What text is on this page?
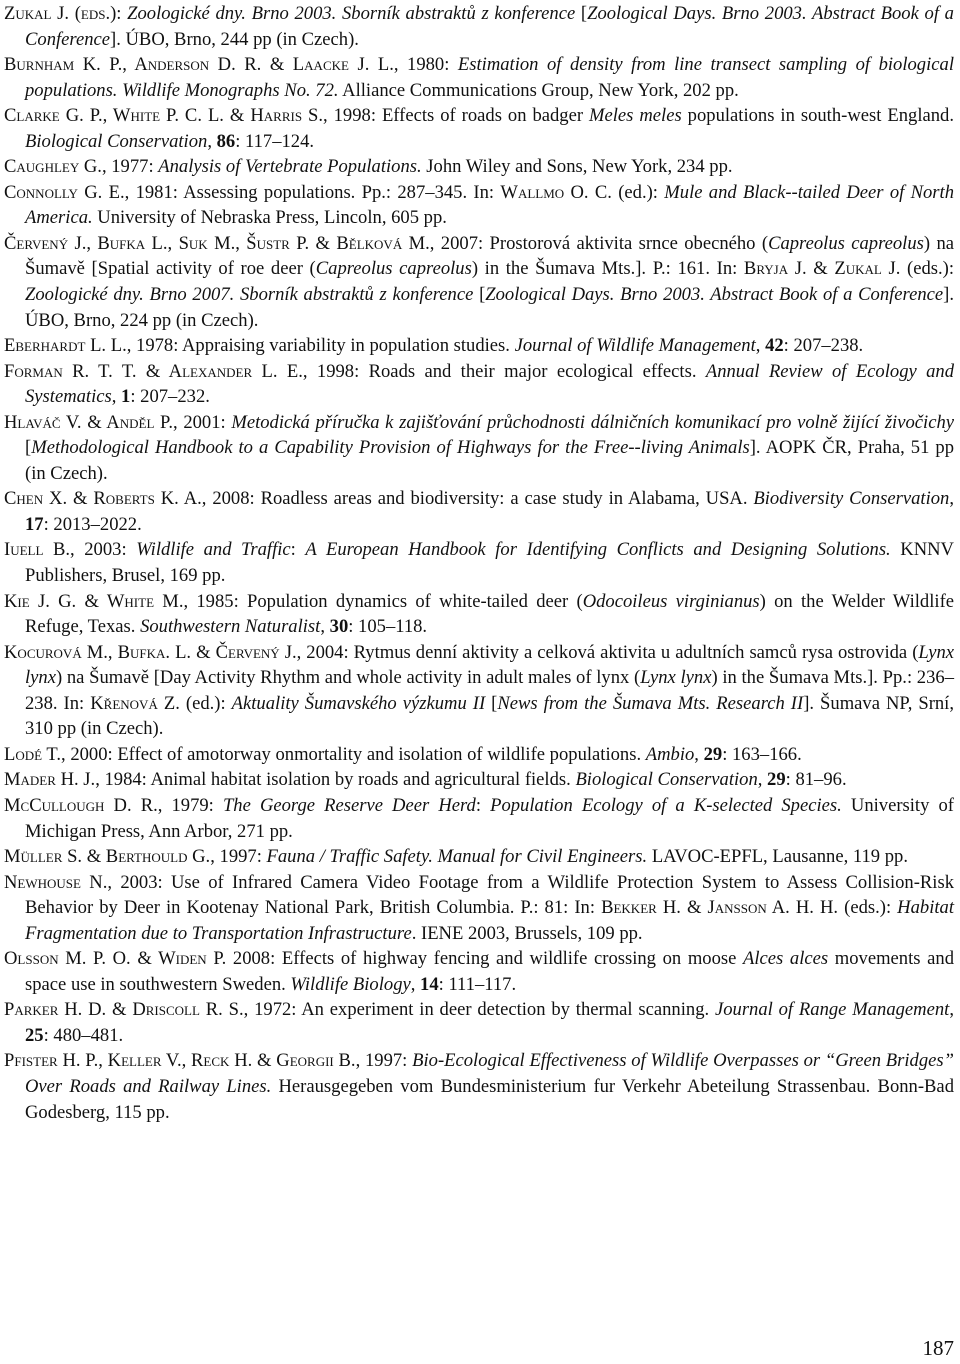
Zukal J. (eds.): Zoologické dny. Brno 2003. Sborník abstraktů z konference [Zoological Days. Brno 2003. Abstract Book of a Conference]. ÚBO, Brno, 244 pp (in Czech).

Burnham K. P., Anderson D. R. & Laacke J. L., 1980: Estimation of density from line transect sampling of biological populations. Wildlife Monographs No. 72. Alliance Communications Group, New York, 202 pp.

Clarke G. P., White P. C. L. & Harris S., 1998: Effects of roads on badger Meles meles populations in south-west England. Biological Conservation, 86: 117–124.

Caughley G., 1977: Analysis of Vertebrate Populations. John Wiley and Sons, New York, 234 pp.

Connolly G. E., 1981: Assessing populations. Pp.: 287–345. In: Wallmo O. C. (ed.): Mule and Black--tailed Deer of North America. University of Nebraska Press, Lincoln, 605 pp.

Červený J., Bufka L., Suk M., Šustr P. & Bělková M., 2007: Prostorová aktivita srnce obecného (Capreolus capreolus) na Šumavě [Spatial activity of roe deer (Capreolus capreolus) in the Šumava Mts.]. P.: 161. In: Bryja J. & Zukal J. (eds.): Zoologické dny. Brno 2007. Sborník abstraktů z konference [Zoological Days. Brno 2003. Abstract Book of a Conference]. ÚBO, Brno, 224 pp (in Czech).

Eberhardt L. L., 1978: Appraising variability in population studies. Journal of Wildlife Management, 42: 207–238.

Forman R. T. T. & Alexander L. E., 1998: Roads and their major ecological effects. Annual Review of Ecology and Systematics, 1: 207–232.

Hlaváč V. & Anděl P., 2001: Metodická příručka k zajišťování průchodnosti dálničních komunikací pro volně žijící živočichy [Methodological Handbook to a Capability Provision of Highways for the Free--living Animals]. AOPK ČR, Praha, 51 pp (in Czech).

Chen X. & Roberts K. A., 2008: Roadless areas and biodiversity: a case study in Alabama, USA. Biodiversity Conservation, 17: 2013–2022.

Iuell B., 2003: Wildlife and Traffic: A European Handbook for Identifying Conflicts and Designing Solutions. KNNV Publishers, Brusel, 169 pp.

Kie J. G. & White M., 1985: Population dynamics of white-tailed deer (Odocoileus virginianus) on the Welder Wildlife Refuge, Texas. Southwestern Naturalist, 30: 105–118.

Kocurová M., Bufka. L. & Červený J., 2004: Rytmus denní aktivity a celková aktivita u adultních samců rysa ostrovida (Lynx lynx) na Šumavě [Day Activity Rhythm and whole activity in adult males of lynx (Lynx lynx) in the Šumava Mts.]. Pp.: 236–238. In: Křenová Z. (ed.): Aktuality Šumavského výzkumu II [News from the Šumava Mts. Research II]. Šumava NP, Srní, 310 pp (in Czech).

Lodé T., 2000: Effect of amotorway onmortality and isolation of wildlife populations. Ambio, 29: 163–166.

Mader H. J., 1984: Animal habitat isolation by roads and agricultural fields. Biological Conservation, 29: 81–96.

McCullough D. R., 1979: The George Reserve Deer Herd: Population Ecology of a K-selected Species. University of Michigan Press, Ann Arbor, 271 pp.

Müller S. & Berthould G., 1997: Fauna / Traffic Safety. Manual for Civil Engineers. LAVOC-EPFL, Lausanne, 119 pp.

Newhouse N., 2003: Use of Infrared Camera Video Footage from a Wildlife Protection System to Assess Collision-Risk Behavior by Deer in Kootenay National Park, British Columbia. P.: 81: In: Bekker H. & Jansson A. H. H. (eds.): Habitat Fragmentation due to Transportation Infrastructure. IENE 2003, Brussels, 109 pp.

Olsson M. P. O. & Widen P. 2008: Effects of highway fencing and wildlife crossing on moose Alces alces movements and space use in southwestern Sweden. Wildlife Biology, 14: 111–117.

Parker H. D. & Driscoll R. S., 1972: An experiment in deer detection by thermal scanning. Journal of Range Management, 25: 480–481.

Pfister H. P., Keller V., Reck H. & Georgii B., 1997: Bio-Ecological Effectiveness of Wildlife Overpasses or “Green Bridges” Over Roads and Railway Lines. Herausgegeben vom Bundesministerium fur Verkehr Abeteilung Strassenbau. Bonn-Bad Godesberg, 115 pp.

187
